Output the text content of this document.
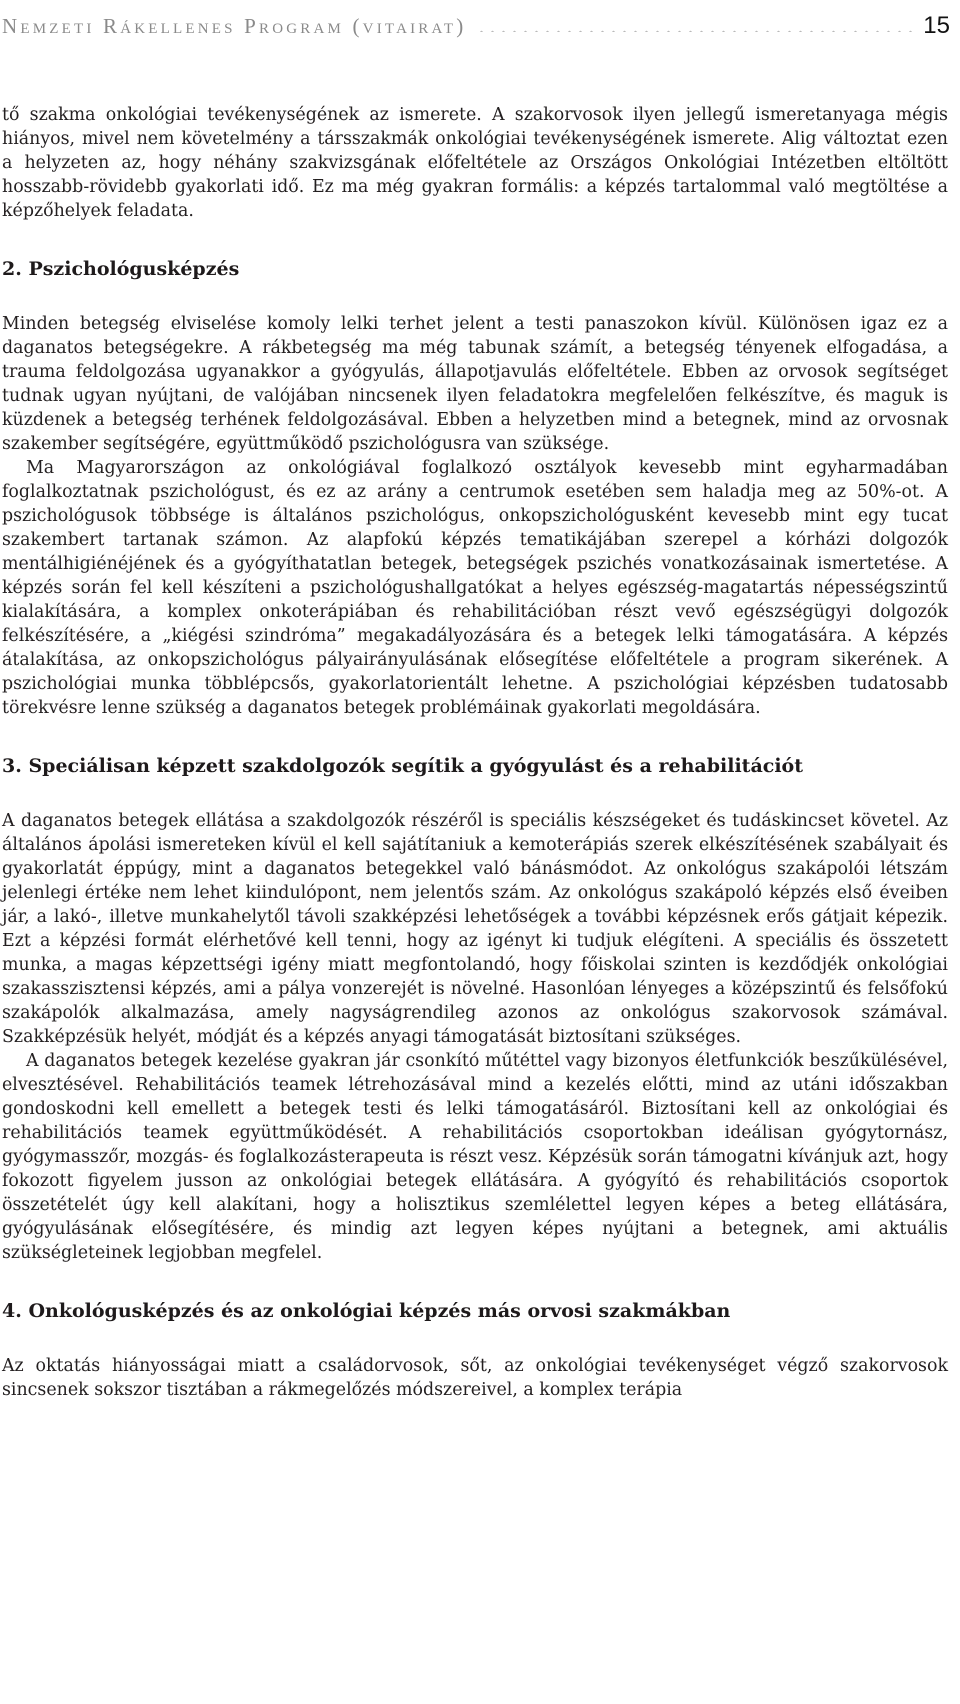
Nemzeti Rákellenes Program (vitairat)	15

tő szakma onkológiai tevékenységének az ismerete. A szakorvosok ilyen jellegű ismeretanyaga mégis hiányos, mivel nem követelmény a társszakmák onkológiai tevékenységének ismerete. Alig változtat ezen a helyzeten az, hogy néhány szakvizsgának előfeltétele az Országos Onkológiai Intézetben eltöltött hosszabb-rövidebb gyakorlati idő. Ez ma még gyakran formális: a képzés tartalommal való megtöltése a képzőhelyek feladata.

2. Pszichológusképzés

Minden betegség elviselése komoly lelki terhet jelent a testi panaszokon kívül. Különösen igaz ez a daganatos betegségekre. A rákbetegség ma még tabunak számít, a betegség tényenek elfogadása, a trauma feldolgozása ugyanakkor a gyógyulás, állapotjavulás előfeltétele. Ebben az orvosok segítséget tudnak ugyan nyújtani, de valójában nincsenek ilyen feladatokra megfelelően felkészítve, és maguk is küzdenek a betegség terhének feldolgozásával. Ebben a helyzetben mind a betegnek, mind az orvosnak szakember segítségére, együttműködő pszichológusra van szüksége.

Ma Magyarországon az onkológiával foglalkozó osztályok kevesebb mint egyharmadában foglalkoztatnak pszichológust, és ez az arány a centrumok esetében sem haladja meg az 50%-ot. A pszichológusok többsége is általános pszichológus, onkopszichológusként kevesebb mint egy tucat szakembert tartanak számon. Az alapfokú képzés tematikájában szerepel a kórházi dolgozók mentálhigiénéjének és a gyógyíthatatlan betegek, betegségek pszichés vonatkozásainak ismertetése. A képzés során fel kell készíteni a pszichológushallgatókat a helyes egészség-magatartás népességszintű kialakítására, a komplex onkoterápiában és rehabilitációban részt vevő egészségügyi dolgozók felkészítésére, a „kiégési szindróma” megakadályozására és a betegek lelki támogatására. A képzés átalakítása, az onkopszichológus pályairányulásának elősegítése előfeltétele a program sikerének. A pszichológiai munka többlépcsős, gyakorlatorientált lehetne. A pszichológiai képzésben tudatosabb törekvésre lenne szükség a daganatos betegek problémáinak gyakorlati megoldására.

3. Speciálisan képzett szakdolgozók segítik a gyógyulást és a rehabilitációt

A daganatos betegek ellátása a szakdolgozók részéről is speciális készségeket és tudáskincset követel. Az általános ápolási ismereteken kívül el kell sajátítaniuk a kemoterápiás szerek elkészítésének szabályait és gyakorlatát éppúgy, mint a daganatos betegekkel való bánásmódot. Az onkológus szakápolói létszám jelenlegi értéke nem lehet kiindulópont, nem jelentős szám. Az onkológus szakápoló képzés első éveiben jár, a lakó-, illetve munkahelytől távoli szakképzési lehetőségek a további képzésnek erős gátjait képezik. Ezt a képzési formát elérhetővé kell tenni, hogy az igényt ki tudjuk elégíteni. A speciális és összetett munka, a magas képzettségi igény miatt megfontolandó, hogy főiskolai szinten is kezdődjék onkológiai szakasszisztensi képzés, ami a pálya vonzerejét is növelné. Hasonlóan lényeges a középszintű és felsőfokú szakápolók alkalmazása, amely nagyságrendileg azonos az onkológus szakorvosok számával. Szakképzésük helyét, módját és a képzés anyagi támogatását biztosítani szükséges.

A daganatos betegek kezelése gyakran jár csonkító műtéttel vagy bizonyos életfunkciók beszűkülésével, elvesztésével. Rehabilitációs teamek létrehozásával mind a kezelés előtti, mind az utáni időszakban gondoskodni kell emellett a betegek testi és lelki támogatásáról. Biztosítani kell az onkológiai és rehabilitációs teamek együttműködését. A rehabilitációs csoportokban ideálisan gyógytornász, gyógymasszőr, mozgás- és foglalkozásterapeuta is részt vesz. Képzésük során támogatni kívánjuk azt, hogy fokozott figyelem jusson az onkológiai betegek ellátására. A gyógyító és rehabilitációs csoportok összetételét úgy kell alakítani, hogy a holisztikus szemlélettel legyen képes a beteg ellátására, gyógyulásának elősegítésére, és mindig azt legyen képes nyújtani a betegnek, ami aktuális szükségleteinek legjobban megfelel.

4. Onkológusképzés és az onkológiai képzés más orvosi szakmákban

Az oktatás hiányosságai miatt a családorvosok, sőt, az onkológiai tevékenységet végző szakorvosok sincsenek sokszor tisztában a rákmegelőzés módszereivel, a komplex terápia
